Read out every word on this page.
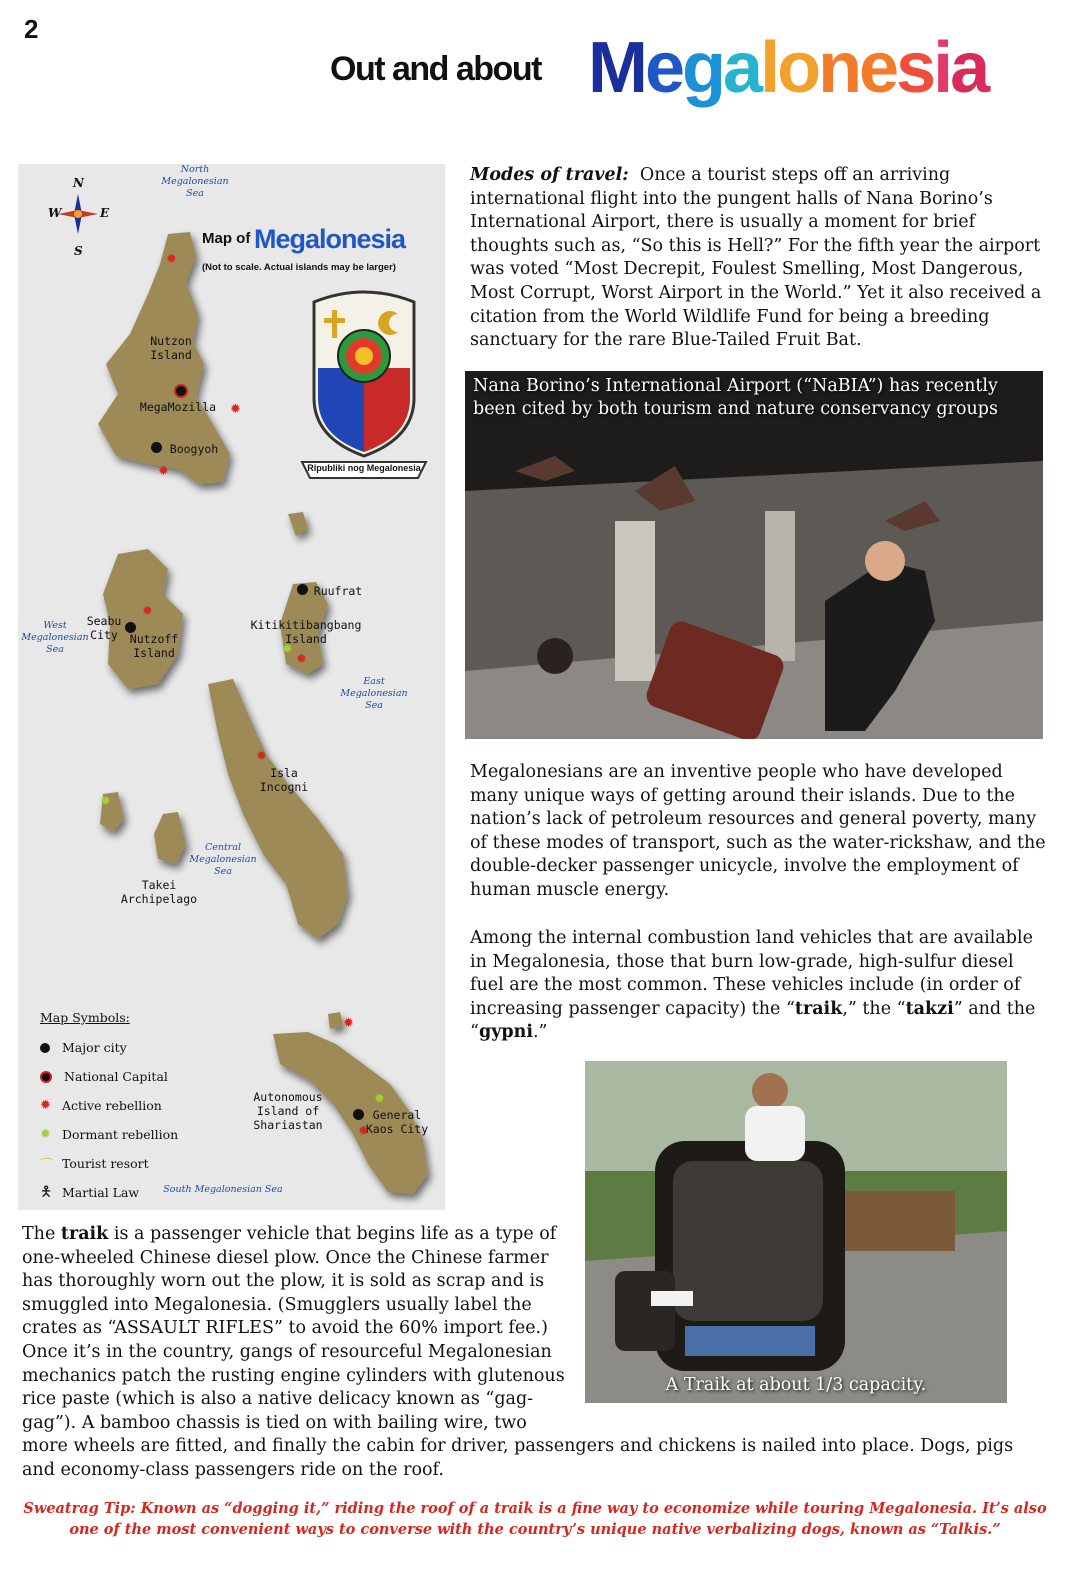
2
Out and about Megalonesia
N
W	E
S
Map of Megalonesia
(Not to scale. Actual islands may be larger)
Ripubliki nog Megalonesia
North Megalonesian Sea
West Megalonesian Sea
East Megalonesian Sea
Central Megalonesian Sea
South Megalonesian Sea
Nutzon Island
MegaMozilla
Boogyoh
Ruufrat
Kitikitibangbang Island
Seabu City	Nutzoff Island
Isla Incogni
Takei Archipelago
Autonomous Island of Shariastan
General Kaos City
✹
✹
✹
✹
✹
✹
✹
✹
✹
✹
✹
Map Symbols:
Major city
National Capital
✹ Active rebellion
✹ Dormant rebellion
⌒ Tourist resort
🯅 Martial Law
Modes of travel: Once a tourist steps off an arriving international flight into the pungent halls of Nana Borino’s International Airport, there is usually a moment for brief thoughts such as, “So this is Hell?” For the fifth year the airport was voted “Most Decrepit, Foulest Smelling, Most Dangerous, Most Corrupt, Worst Airport in the World.” Yet it also received a citation from the World Wildlife Fund for being a breeding sanctuary for the rare Blue-Tailed Fruit Bat.
Nana Borino’s International Airport (“NaBIA”) has recently been cited by both tourism and nature conservancy groups
Megalonesians are an inventive people who have developed many unique ways of getting around their islands. Due to the nation’s lack of petroleum resources and general poverty, many of these modes of transport, such as the water-rickshaw, and the double-decker passenger unicycle, involve the employment of human muscle energy.
Among the internal combustion land vehicles that are available in Megalonesia, those that burn low-grade, high-sulfur diesel fuel are the most common. These vehicles include (in order of increasing passenger capacity) the “traik,” the “takzi” and the “gypni.”
A Traik at about 1/3 capacity.
The traik is a passenger vehicle that begins life as a type of one-wheeled Chinese diesel plow. Once the Chinese farmer has thoroughly worn out the plow, it is sold as scrap and is smuggled into Megalonesia. (Smugglers usually label the crates as “ASSAULT RIFLES” to avoid the 60% import fee.) Once it’s in the country, gangs of resourceful Megalonesian mechanics patch the rusting engine cylinders with glutenous rice paste (which is also a native delicacy known as “gag-gag”). A bamboo chassis is tied on with bailing wire, two more wheels are fitted, and finally the cabin for driver, passengers and chickens is nailed into place. Dogs, pigs and economy-class passengers ride on the roof.
Sweatrag Tip: Known as “dogging it,” riding the roof of a traik is a fine way to economize while touring Megalonesia. It’s also one of the most convenient ways to converse with the country’s unique native verbalizing dogs, known as “Talkis.”
